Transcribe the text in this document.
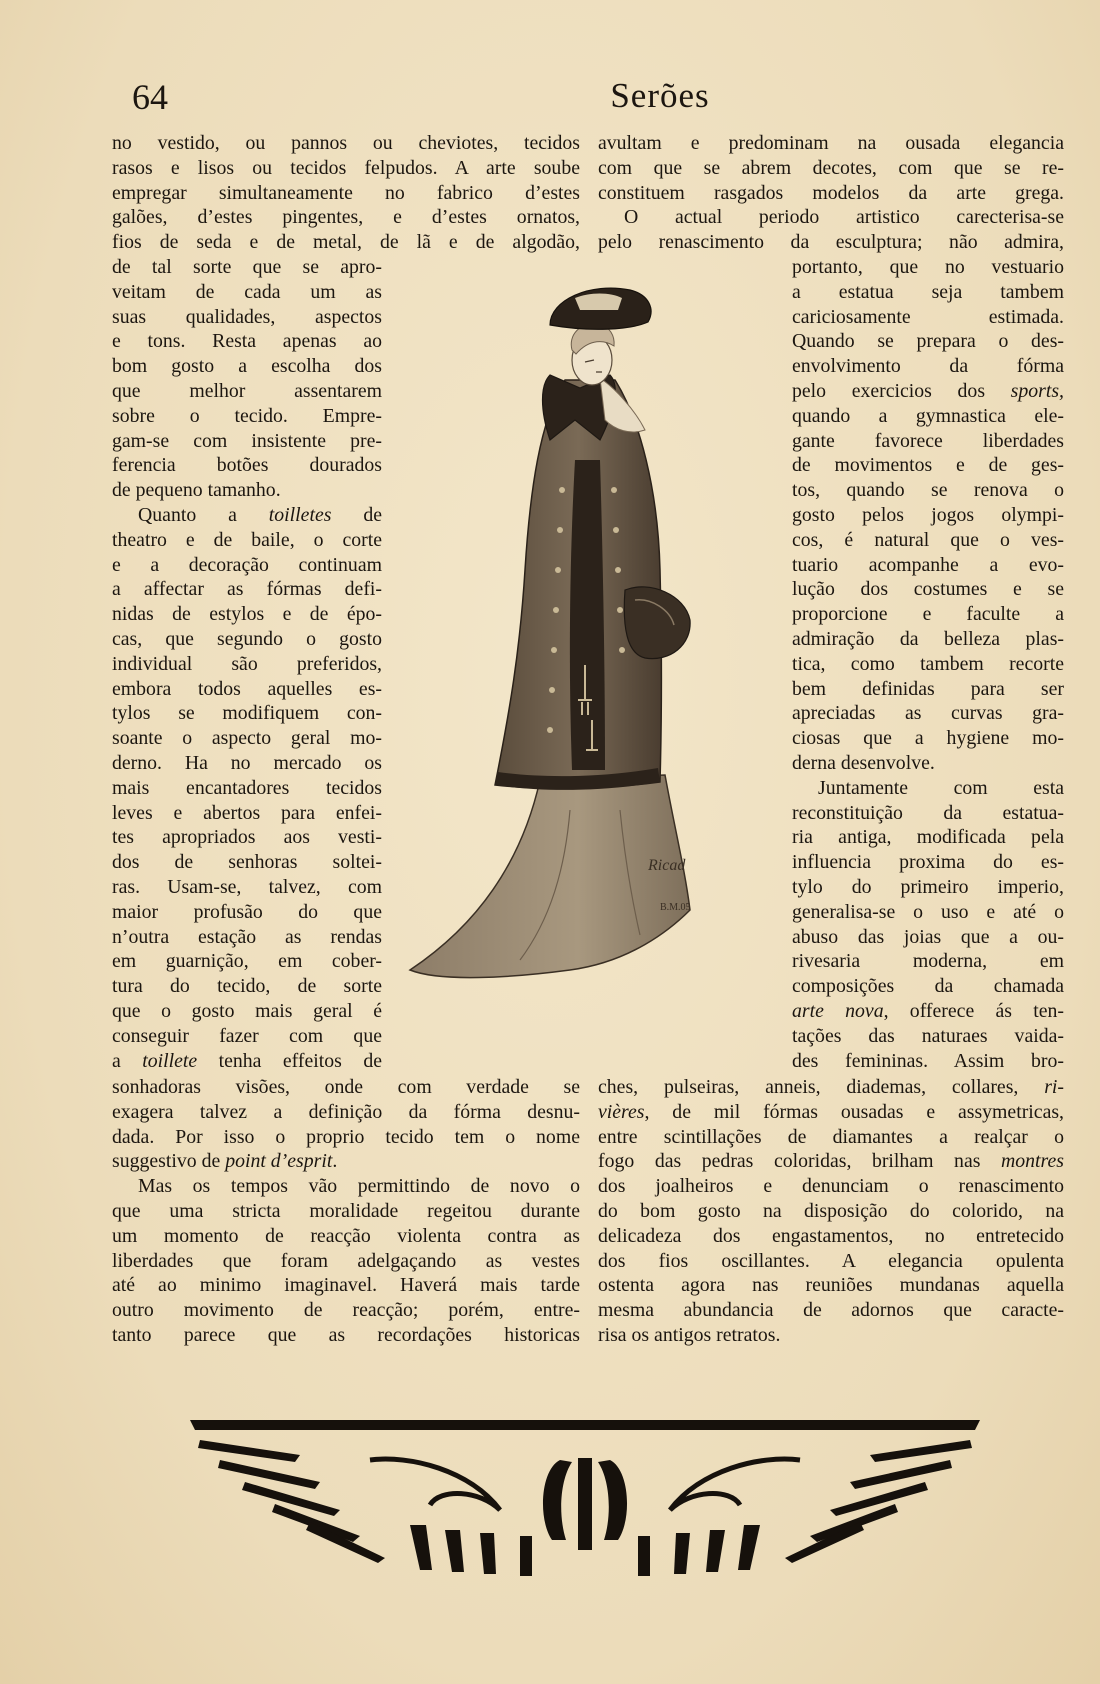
64	Serões
no vestido, ou pannos ou cheviotes, tecidos
rasos e lisos ou tecidos felpudos. A arte soube
empregar simultaneamente no fabrico d’estes
galões, d’estes pingentes, e d’estes ornatos,
fios de seda e de metal, de lã e de algodão,
de tal sorte que se apro-
veitam de cada um as
suas qualidades, aspectos
e tons. Resta apenas ao
bom gosto a escolha dos
que melhor assentarem
sobre o tecido. Empre-
gam-se com insistente pre-
ferencia botões dourados
de pequeno tamanho.
Quanto a toilletes de
theatro e de baile, o corte
e a decoração continuam
a affectar as fórmas defi-
nidas de estylos e de épo-
cas, que segundo o gosto
individual são preferidos,
embora todos aquelles es-
tylos se modifiquem con-
soante o aspecto geral mo-
derno. Ha no mercado os
mais encantadores tecidos
leves e abertos para enfei-
tes apropriados aos vesti-
dos de senhoras soltei-
ras. Usam-se, talvez, com
maior profusão do que
n’outra estação as rendas
em guarnição, em cober-
tura do tecido, de sorte
que o gosto mais geral é
conseguir fazer com que
a toillete tenha effeitos de
sonhadoras visões, onde com verdade se
exagera talvez a definição da fórma desnu-
dada. Por isso o proprio tecido tem o nome
suggestivo de point d’esprit.
Mas os tempos vão permittindo de novo o
que uma stricta moralidade regeitou durante
um momento de reacção violenta contra as
liberdades que foram adelgaçando as vestes
até ao minimo imaginavel. Haverá mais tarde
outro movimento de reacção; porém, entre-
tanto parece que as recordações historicas
avultam e predominam na ousada elegancia
com que se abrem decotes, com que se re-
constituem rasgados modelos da arte grega.
O actual periodo artistico carecterisa-se
pelo renascimento da esculptura; não admira,
portanto, que no vestuario
a estatua seja tambem
cariciosamente estimada.
Quando se prepara o des-
envolvimento da fórma
pelo exercicios dos sports,
quando a gymnastica ele-
gante favorece liberdades
de movimentos e de ges-
tos, quando se renova o
gosto pelos jogos olympi-
cos, é natural que o ves-
tuario acompanhe a evo-
lução dos costumes e se
proporcione e faculte a
admiração da belleza plas-
tica, como tambem recorte
bem definidas para ser
apreciadas as curvas gra-
ciosas que a hygiene mo-
derna desenvolve.
Juntamente com esta
reconstituição da estatua-
ria antiga, modificada pela
influencia proxima do es-
tylo do primeiro imperio,
generalisa-se o uso e até o
abuso das joias que a ou-
rivesaria moderna, em
composições da chamada
arte nova, offerece ás ten-
tações das naturaes vaida-
des femininas. Assim bro-
ches, pulseiras, anneis, diademas, collares, ri-
vières, de mil fórmas ousadas e assymetricas,
entre scintillações de diamantes a realçar o
fogo das pedras coloridas, brilham nas montres
dos joalheiros e denunciam o renascimento
do bom gosto na disposição do colorido, na
delicadeza dos engastamentos, no entretecido
dos fios oscillantes. A elegancia opulenta
ostenta agora nas reuniões mundanas aquella
mesma abundancia de adornos que caracte-
risa os antigos retratos.
Ricad
B.M.05
